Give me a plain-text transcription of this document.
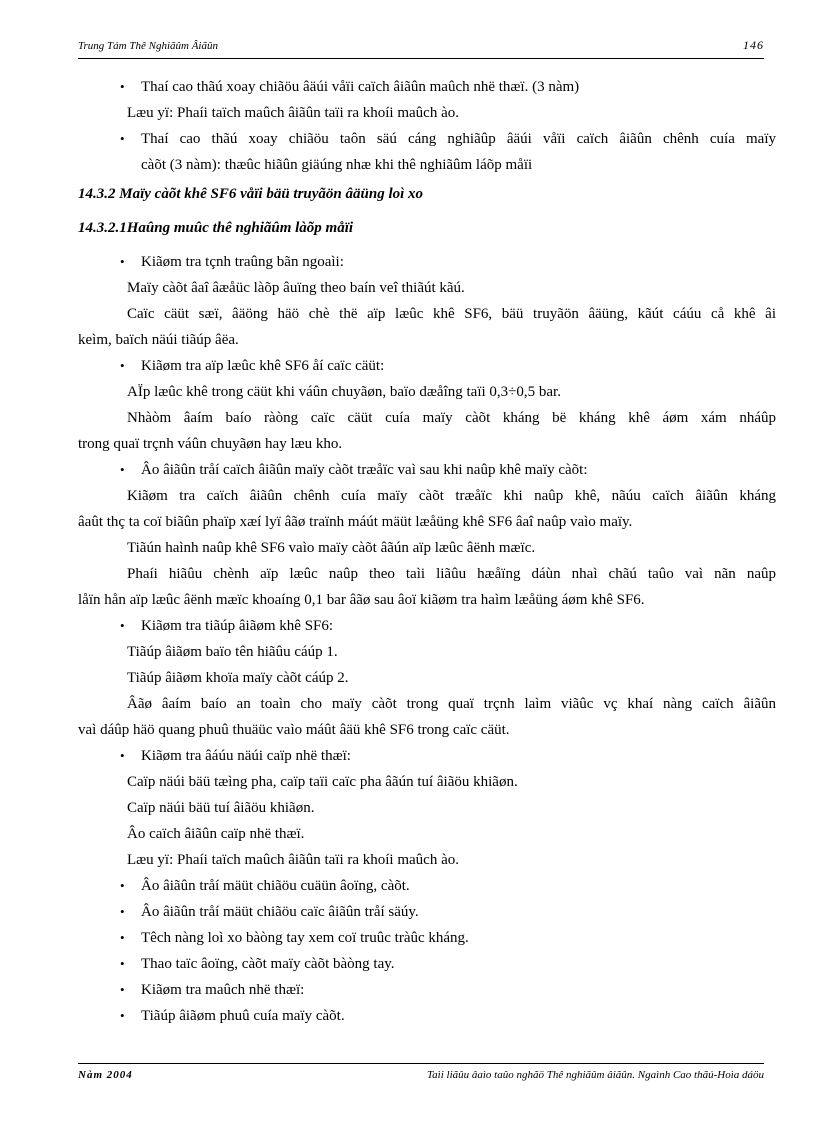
Trung Tám Thê Nghiãûm Âiãûn	146
• Thaí cao thãú xoay chiãöu âäúi våïi caïch âiãûn maûch nhë thæï. (3 nàm)
Læu yï: Phaíi taïch maûch âiãûn taïi ra khoíi maûch ào.
• Thaí cao thãú xoay chiãöu taôn säú cáng nghiãûp âäúi våïi caïch âiãûn chênh cuía maïy
càõt (3 nàm): thæûc hiãûn giäúng nhæ khi thê nghiãûm láõp måïi
14.3.2 Maïy càõt khê SF6 våïi bäü truyãön âäüng loì xo
14.3.2.1Haûng muûc thê nghiãûm làõp måïi
• Kiãøm tra tçnh traûng bãn ngoaìi:
Maïy càõt âaî âæåüc làõp âuïng theo baín veî thiãút kãú.
Caïc cäüt sæï, âäöng häö chè thë aïp læûc khê SF6, bäü truyãön âäüng, kãút cáúu cå khê âi
keìm, baïch näúi tiãúp âëa.
• Kiãøm tra aïp læûc khê SF6 åí caïc cäüt:
AÏp læûc khê trong cäüt khi váûn chuyãøn, baïo dæåîng taïi 0,3÷0,5 bar.
Nhàòm âaím baío ràòng caïc cäüt cuía maïy càõt kháng bë kháng khê áøm xám nháûp
trong quaï trçnh váûn chuyãøn hay læu kho.
• Âo âiãûn tråí caïch âiãûn maïy càõt træåïc vaì sau khi naûp khê maïy càõt:
Kiãøm tra caïch âiãûn chênh cuía maïy càõt træåïc khi naûp khê, nãúu caïch âiãûn kháng
âaût thç ta coï biãûn phaïp xæí lyï âãø traïnh máút mäüt læåüng khê SF6 âaî naûp vaìo maïy.
Tiãún haình naûp khê SF6 vaìo maïy càõt âãún aïp læûc âënh mæïc.
Phaíi hiãûu chènh aïp læûc naûp theo taìi liãûu hæåïng dáùn nhaì chãú taûo vaì nãn naûp
låïn hån aïp læûc âënh mæïc khoaíng 0,1 bar âãø sau âoï kiãøm tra haìm læåüng áøm khê SF6.
• Kiãøm tra tiãúp âiãøm khê SF6:
Tiãúp âiãøm baïo tên hiãûu cáúp 1.
Tiãúp âiãøm khoïa maïy càõt cáúp 2.
Âãø âaím baío an toaìn cho maïy càõt trong quaï trçnh laìm viãûc vç khaí nàng caïch âiãûn
vaì dáûp häö quang phuû thuäüc vaìo máût âäü khê SF6 trong caïc cäüt.
• Kiãøm tra âáúu näúi caïp nhë thæï:
Caïp näúi bäü tæìng pha, caïp taïi caïc pha âãún tuí âiãöu khiãøn.
Caïp näúi bäü tuí âiãöu khiãøn.
Âo caïch âiãûn caïp nhë thæï.
Læu yï: Phaíi taïch maûch âiãûn taïi ra khoíi maûch ào.
• Âo âiãûn tråí mäüt chiãöu cuäün âoïng, càõt.
• Âo âiãûn tråí mäüt chiãöu caïc âiãûn tråí säúy.
• Têch nàng loì xo bàòng tay xem coï truûc tràûc kháng.
• Thao taïc âoïng, càõt maïy càõt bàòng tay.
• Kiãøm tra maûch nhë thæï:
• Tiãúp âiãøm phuû cuía maïy càõt.
Nàm 2004	Taìi liãûu âaìo taûo nghãö Thê nghiãûm âiãûn. Ngaình Cao thãú-Hoìa dáöu
